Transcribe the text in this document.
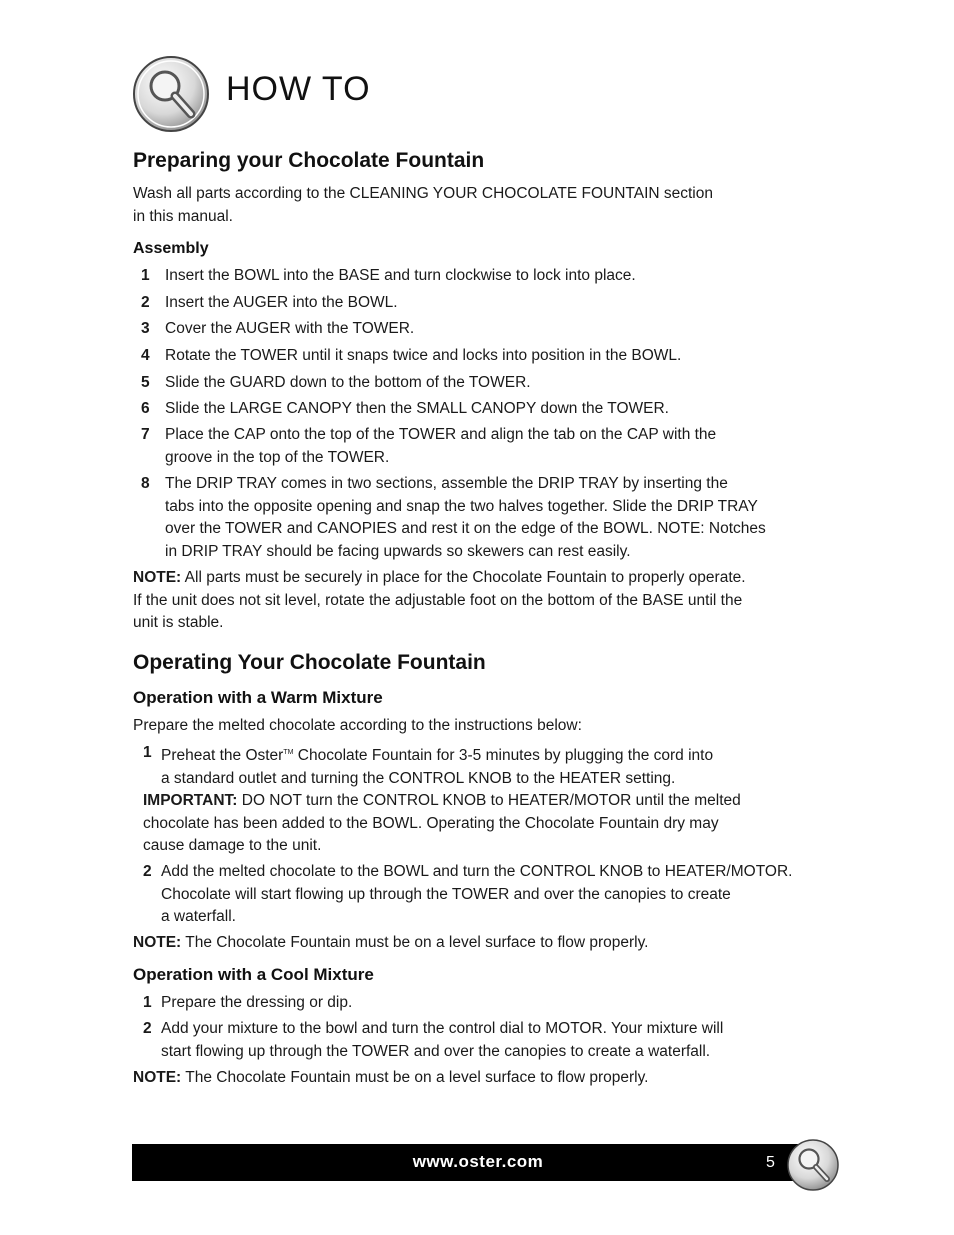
HOW TO
Preparing your Chocolate Fountain
Wash all parts according to the CLEANING YOUR CHOCOLATE FOUNTAIN section
in this manual.
Assembly
1 Insert the BOWL into the BASE and turn clockwise to lock into place.
2 Insert the AUGER into the BOWL.
3 Cover the AUGER with the TOWER.
4 Rotate the TOWER until it snaps twice and locks into position in the BOWL.
5 Slide the GUARD down to the bottom of the TOWER.
6 Slide the LARGE CANOPY then the SMALL CANOPY down the TOWER.
7 Place the CAP onto the top of the TOWER and align the tab on the CAP with the
groove in the top of the TOWER.
8 The DRIP TRAY comes in two sections, assemble the DRIP TRAY by inserting the
tabs into the opposite opening and snap the two halves together. Slide the DRIP TRAY
over the TOWER and CANOPIES and rest it on the edge of the BOWL. NOTE: Notches
in DRIP TRAY should be facing upwards so skewers can rest easily.
NOTE: All parts must be securely in place for the Chocolate Fountain to properly operate.
If the unit does not sit level, rotate the adjustable foot on the bottom of the BASE until the
unit is stable.
Operating Your Chocolate Fountain
Operation with a Warm Mixture
Prepare the melted chocolate according to the instructions below:
1 Preheat the Oster™ Chocolate Fountain for 3-5 minutes by plugging the cord into
a standard outlet and turning the CONTROL KNOB to the HEATER setting.
IMPORTANT: DO NOT turn the CONTROL KNOB to HEATER/MOTOR until the melted
chocolate has been added to the BOWL. Operating the Chocolate Fountain dry may
cause damage to the unit.
2 Add the melted chocolate to the BOWL and turn the CONTROL KNOB to HEATER/MOTOR.
Chocolate will start flowing up through the TOWER and over the canopies to create
a waterfall.
NOTE: The Chocolate Fountain must be on a level surface to flow properly.
Operation with a Cool Mixture
1 Prepare the dressing or dip.
2 Add your mixture to the bowl and turn the control dial to MOTOR. Your mixture will
start flowing up through the TOWER and over the canopies to create a waterfall.
NOTE: The Chocolate Fountain must be on a level surface to flow properly.
www.oster.com	5
